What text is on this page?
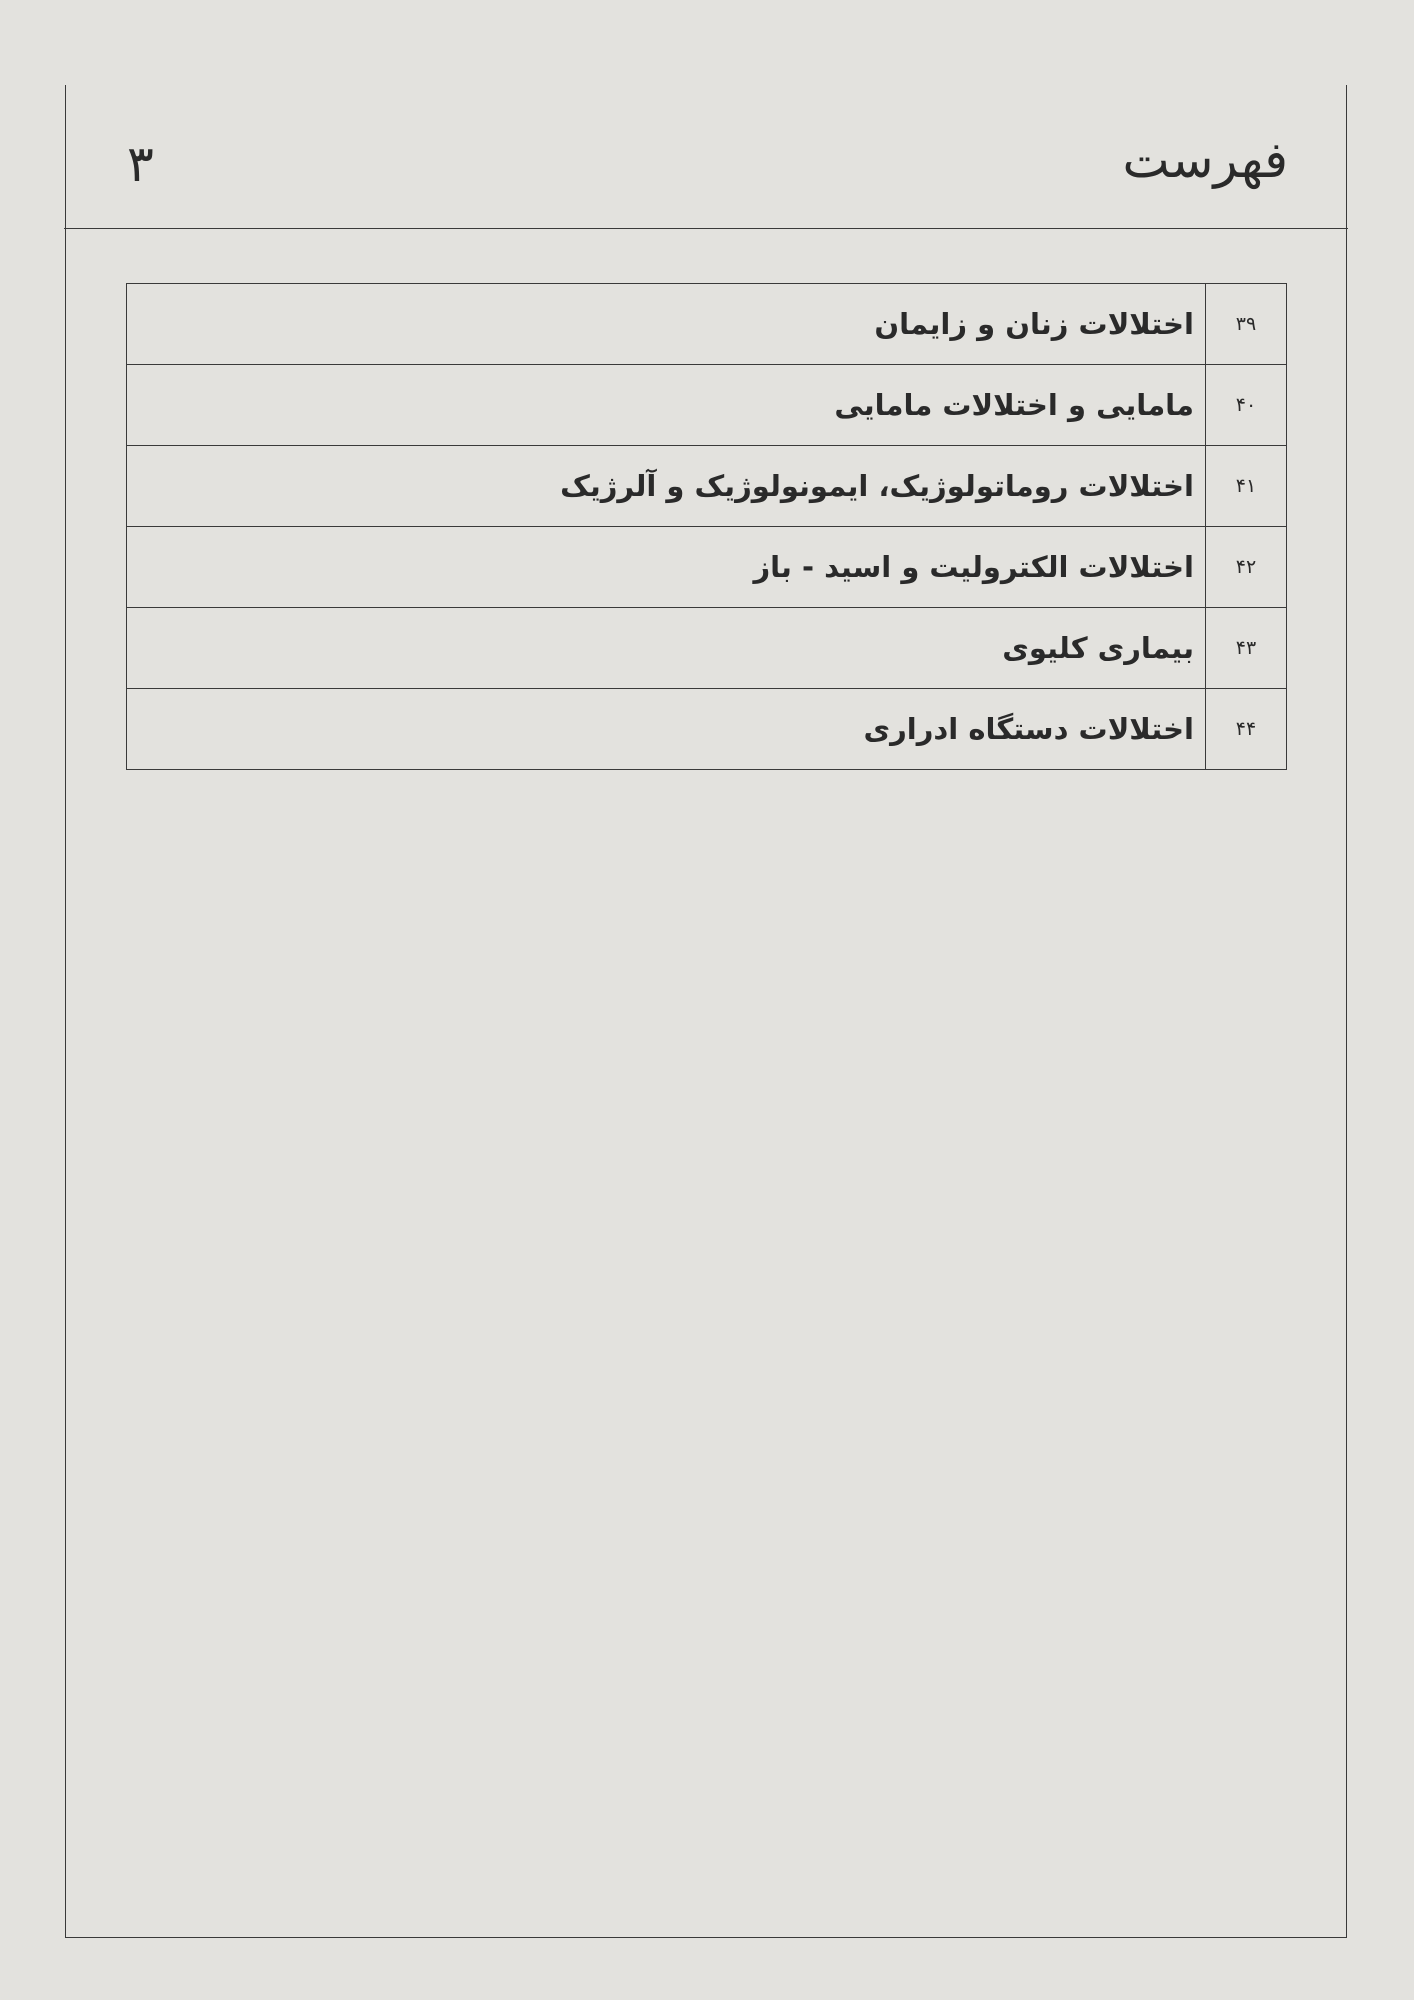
فهرست
۳
۳۹	اختلالات زنان و زایمان
۴۰	مامایی و اختلالات مامایی
۴۱	اختلالات روماتولوژیک، ایمونولوژیک و آلرژیک
۴۲	اختلالات الکترولیت و اسید - باز
۴۳	بیماری کلیوی
۴۴	اختلالات دستگاه ادراری
